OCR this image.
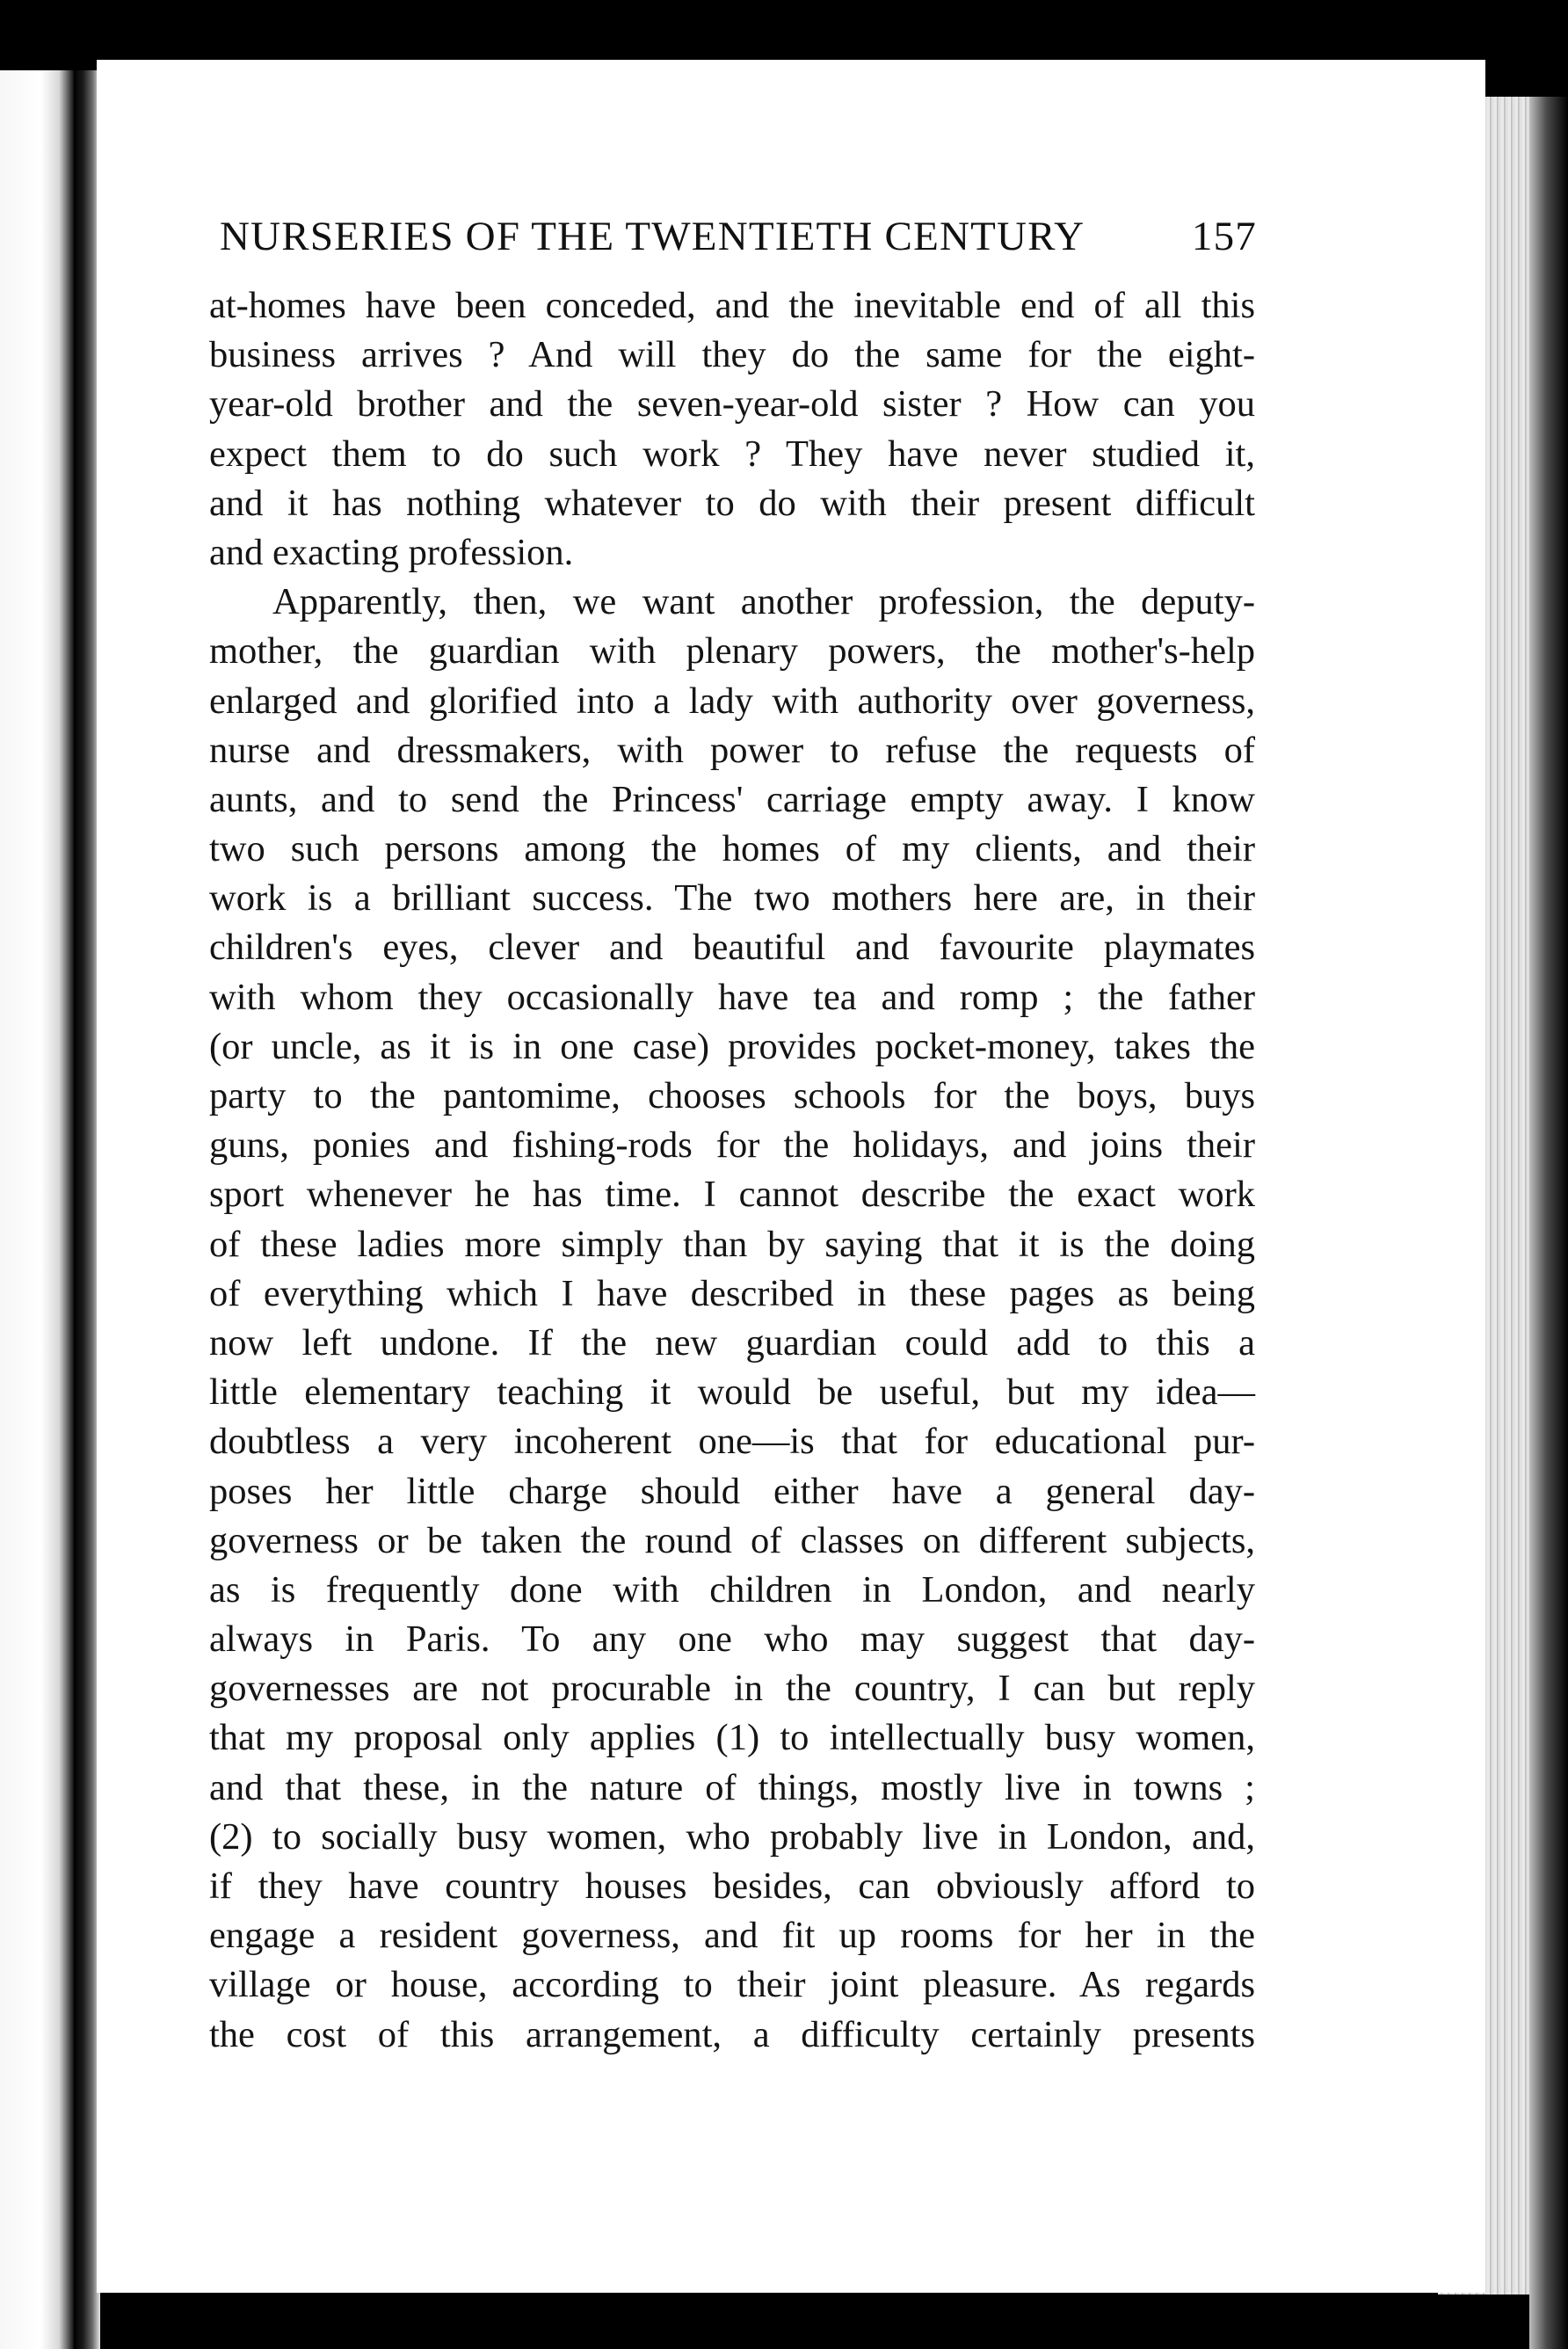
NURSERIES OF THE TWENTIETH CENTURY	157
at-homes have been conceded, and the inevitable end of all this
business arrives ? And will they do the same for the eight-
year-old brother and the seven-year-old sister ? How can you
expect them to do such work ? They have never studied it,
and it has nothing whatever to do with their present difficult
and exacting profession.
Apparently, then, we want another profession, the deputy-
mother, the guardian with plenary powers, the mother's-help
enlarged and glorified into a lady with authority over governess,
nurse and dressmakers, with power to refuse the requests of
aunts, and to send the Princess' carriage empty away. I know
two such persons among the homes of my clients, and their
work is a brilliant success. The two mothers here are, in their
children's eyes, clever and beautiful and favourite playmates
with whom they occasionally have tea and romp ; the father
(or uncle, as it is in one case) provides pocket-money, takes the
party to the pantomime, chooses schools for the boys, buys
guns, ponies and fishing-rods for the holidays, and joins their
sport whenever he has time. I cannot describe the exact work
of these ladies more simply than by saying that it is the doing
of everything which I have described in these pages as being
now left undone. If the new guardian could add to this a
little elementary teaching it would be useful, but my idea—
doubtless a very incoherent one—is that for educational pur-
poses her little charge should either have a general day-
governess or be taken the round of classes on different subjects,
as is frequently done with children in London, and nearly
always in Paris. To any one who may suggest that day-
governesses are not procurable in the country, I can but reply
that my proposal only applies (1) to intellectually busy women,
and that these, in the nature of things, mostly live in towns ;
(2) to socially busy women, who probably live in London, and,
if they have country houses besides, can obviously afford to
engage a resident governess, and fit up rooms for her in the
village or house, according to their joint pleasure. As regards
the cost of this arrangement, a difficulty certainly presents
